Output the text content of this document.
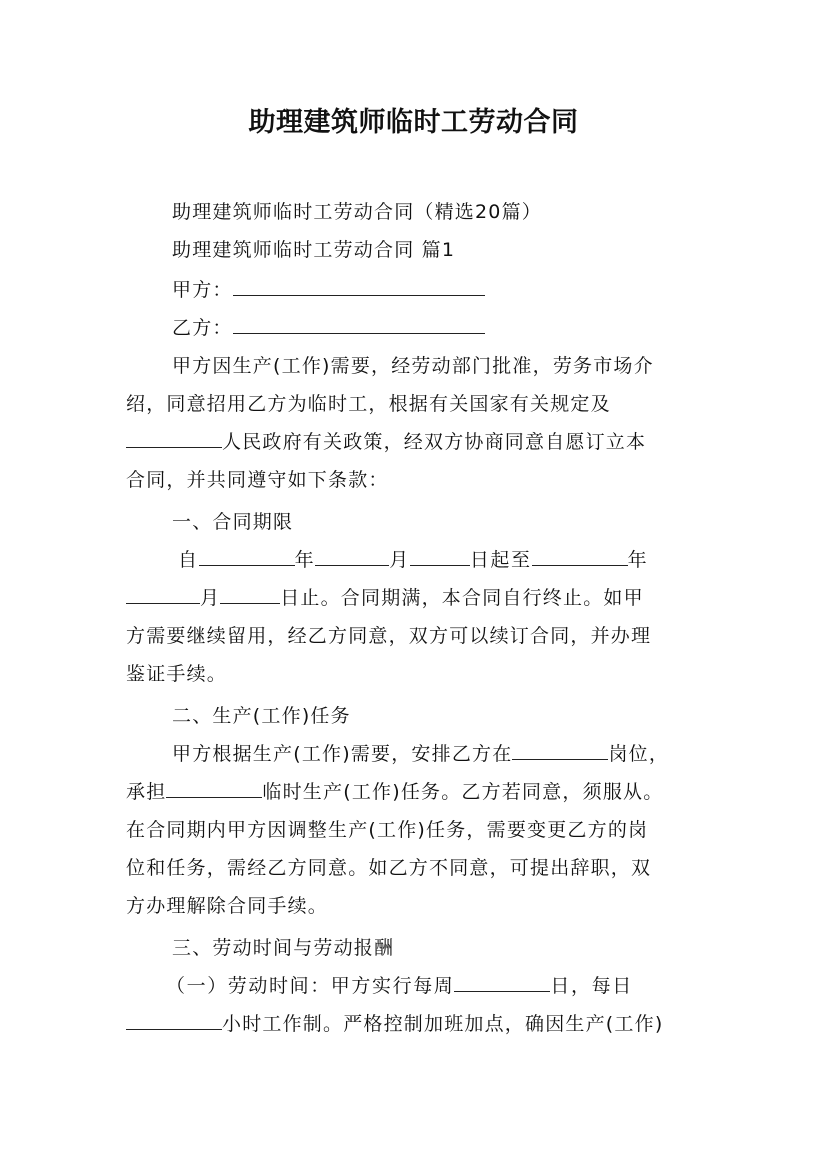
助理建筑师临时工劳动合同
助理建筑师临时工劳动合同（精选20篇）
助理建筑师临时工劳动合同 篇1
甲方：
乙方：
甲方因生产(工作)需要，经劳动部门批准，劳务市场介
绍，同意招用乙方为临时工，根据有关国家有关规定及
人民政府有关政策，经双方协商同意自愿订立本
合同，并共同遵守如下条款：
一、合同期限
自	年	月	日起至	年
月	日止。合同期满，本合同自行终止。如甲
方需要继续留用，经乙方同意，双方可以续订合同，并办理
鉴证手续。
二、生产(工作)任务
甲方根据生产(工作)需要，安排乙方在	岗位，
承担	临时生产(工作)任务。乙方若同意，须服从。
在合同期内甲方因调整生产(工作)任务，需要变更乙方的岗
位和任务，需经乙方同意。如乙方不同意，可提出辞职，双
方办理解除合同手续。
三、劳动时间与劳动报酬
（一）劳动时间：甲方实行每周	日，每日
小时工作制。严格控制加班加点，确因生产(工作)
